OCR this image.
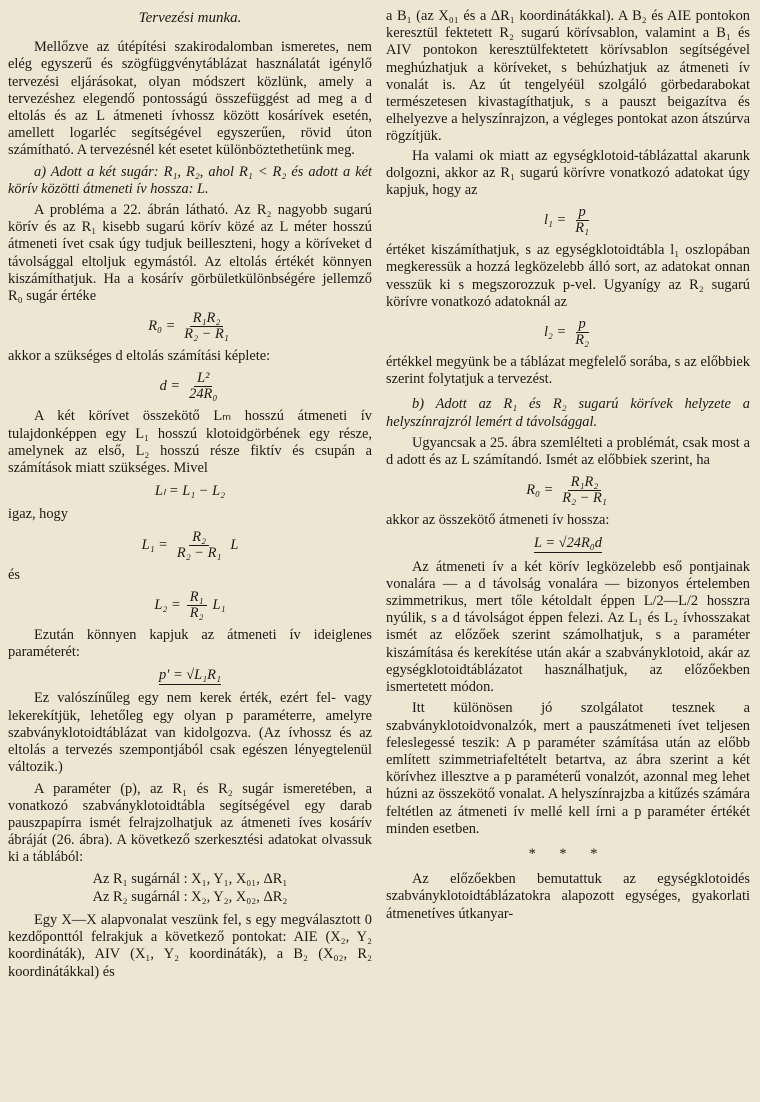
Tervezési munka.

Mellőzve az útépítési szakirodalomban ismeretes, nem elég egyszerű és szögfüggvénytáblázat használatát igénylő tervezési eljárásokat, olyan módszert közlünk, amely a tervezéshez elegendő pontosságú összefüggést ad meg a d eltolás és az L átmeneti ívhossz között kosárívek esetén, amellett logarléc segítségével egyszerűen, rövid úton számítható. A tervezésnél két esetet különböztethetünk meg.

a) Adott a két sugár: R₁, R₂, ahol R₁ < R₂ és adott a két körív közötti átmeneti ív hossza: L.

A probléma a 22. ábrán látható. Az R₂ nagyobb sugarú körív és az R₁ kisebb sugarú körív közé az L méter hosszú átmeneti ívet csak úgy tudjuk beilleszteni, hogy a köríveket d távolsággal eltoljuk egymástól. Az eltolás értékét könnyen kiszámíthatjuk. Ha a kosárív görbületkülönbségére jellemző R₀ sugár értéke

$R_0 = \frac{\text{R₁R₂}}{\text{R₂ − R₁}}$

akkor a szükséges d eltolás számítási képlete:

$d = \frac{\text{L²}}{\text{24R₀}}$

A két körívet összekötő Lₘ hosszú átmeneti ív tulajdonképpen egy L₁ hosszú klotoidgörbének egy része, amelynek az első, L₂ hosszú része fiktív és csupán a számítások miatt szükséges. Mivel

Lₗ = L₁ − L₂

igaz, hogy

$L_1 = \frac{\text{R₂}}{\text{R₂ − R₁}}$ L

és

$L_2 = \frac{\text{R₁}}{\text{R₂}} L_1$

Ezután könnyen kapjuk az átmeneti ív ideiglenes paraméterét:

p′ = √L₁R₁

Ez valószínűleg egy nem kerek érték, ezért fel- vagy lekerekítjük, lehetőleg egy olyan p paraméterre, amelyre szabványklotoidtáblázat van kidolgozva. (Az ívhossz és az eltolás a tervezés szempontjából csak egészen lényegtelenül változik.)

A paraméter (p), az R₁ és R₂ sugár ismeretében, a vonatkozó szabványklotoidtábla segítségével egy darab pauszpapírra ismét felrajzolhatjuk az átmeneti íves kosárív ábráját (26. ábra). A következő szerkesztési adatokat olvassuk ki a táblából:

Az R₁ sugárnál : X₁, Y₁, X₀₁, ΔR₁
Az R₂ sugárnál : X₂, Y₂, X₀₂, ΔR₂

Egy X—X alapvonalat veszünk fel, s egy megválasztott 0 kezdőponttól felrakjuk a következő pontokat: AIE (X₂, Y₂ koordináták), AIV (X₁, Y₂ koordináták), a B₂ (X₀₂, R₂ koordinátákkal) és

a B₁ (az X₀₁ és a ΔR₁ koordinátákkal). A B₂ és AIE pontokon keresztül fektetett R₂ sugarú körívsablon, valamint a B₁ és AIV pontokon keresztülfektetett körívsablon segítségével meghúzhatjuk a köríveket, s behúzhatjuk az átmeneti ív vonalát is. Az út tengelyéül szolgáló görbedarabokat természetesen kivastagíthatjuk, s a pauszt beigazítva és elhelyezve a helyszínrajzon, a végleges pontokat azon átszúrva rögzítjük.

Ha valami ok miatt az egységklotoid-táblázattal akarunk dolgozni, akkor az R₁ sugarú körívre vonatkozó adatokat úgy kapjuk, hogy az

$l_1 = \frac{p}{\text{R₁}}$

értéket kiszámíthatjuk, s az egységklotoidtábla l₁ oszlopában megkeressük a hozzá legközelebb álló sort, az adatokat onnan vesszük ki s megszorozzuk p-vel. Ugyanígy az R₂ sugarú körívre vonatkozó adatoknál az

$l_2 = \frac{p}{\text{R₂}}$

értékkel megyünk be a táblázat megfelelő sorába, s az előbbiek szerint folytatjuk a tervezést.

b) Adott az R₁ és R₂ sugarú körívek helyzete a helyszínrajzról lemért d távolsággal.

Ugyancsak a 25. ábra szemlélteti a problémát, csak most a d adott és az L számítandó. Ismét az előbbiek szerint, ha

$R_0 = \frac{\text{R₁R₂}}{\text{R₂ − R₁}}$

akkor az összekötő átmeneti ív hossza:

L = √24R₀d

Az átmeneti ív a két körív legközelebb eső pontjainak vonalára — a d távolság vonalára — bizonyos értelemben szimmetrikus, mert tőle kétoldalt éppen L/2—L/2 hosszra nyúlik, s a d távolságot éppen felezi. Az L₁ és L₂ ívhosszakat ismét az előzőek szerint számolhatjuk, s a paraméter kiszámítása és kerekítése után akár a szabványklotoid, akár az egységklotoidtáblázatot használhatjuk, az előzőekben ismertetett módon.

Itt különösen jó szolgálatot tesznek a szabványklotoidvonalzók, mert a pauszátmeneti ívet teljesen feleslegessé teszik: A p paraméter számítása után az előbb említett szimmetriafeltételt betartva, az ábra szerint a két körívhez illesztve a p paraméterű vonalzót, azonnal meg lehet húzni az összekötő vonalat. A helyszínrajzba a kitűzés számára feltétlen az átmeneti ív mellé kell írni a p paraméter értékét minden esetben.

* * *

Az előzőekben bemutattuk az egységklotoidés szabványklotoidtáblázatokra alapozott egységes, gyakorlati átmenetíves útkanyar-
